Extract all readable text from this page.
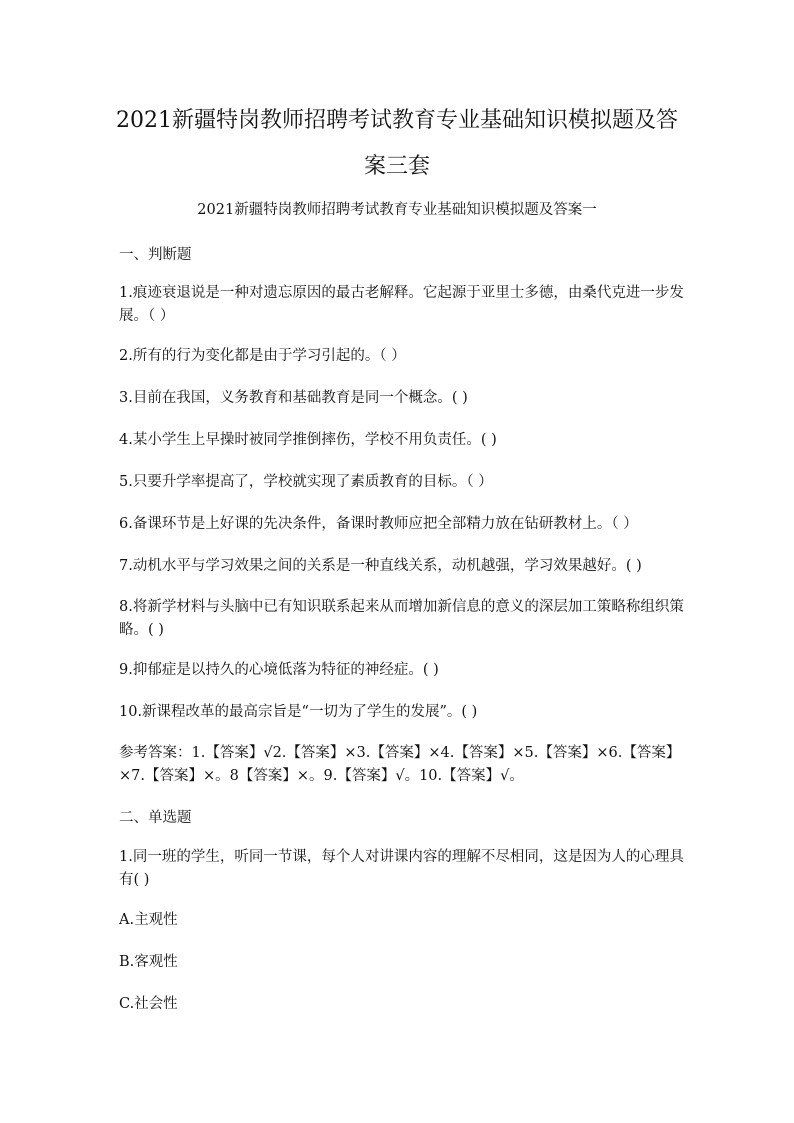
2021新疆特岗教师招聘考试教育专业基础知识模拟题及答
案三套
2021新疆特岗教师招聘考试教育专业基础知识模拟题及答案一
一、判断题

1.痕迹衰退说是一种对遗忘原因的最古老解释。它起源于亚里士多德，由桑代克进一步发
展。（ ）

2.所有的行为变化都是由于学习引起的。（ ）

3.目前在我国，义务教育和基础教育是同一个概念。( )

4.某小学生上早操时被同学推倒摔伤，学校不用负责任。( )

5.只要升学率提高了，学校就实现了素质教育的目标。（ ）

6.备课环节是上好课的先决条件，备课时教师应把全部精力放在钻研教材上。（ ）

7.动机水平与学习效果之间的关系是一种直线关系，动机越强，学习效果越好。( )

8.将新学材料与头脑中已有知识联系起来从而增加新信息的意义的深层加工策略称组织策
略。( )

9.抑郁症是以持久的心境低落为特征的神经症。( )

10.新课程改革的最高宗旨是“一切为了学生的发展”。( )

参考答案：1.【答案】√2.【答案】×3.【答案】×4.【答案】×5.【答案】×6.【答案】
×7.【答案】×。8【答案】×。9.【答案】√。10.【答案】√。

二、单选题

1.同一班的学生，听同一节课，每个人对讲课内容的理解不尽相同，这是因为人的心理具
有( )

A.主观性

B.客观性

C.社会性
